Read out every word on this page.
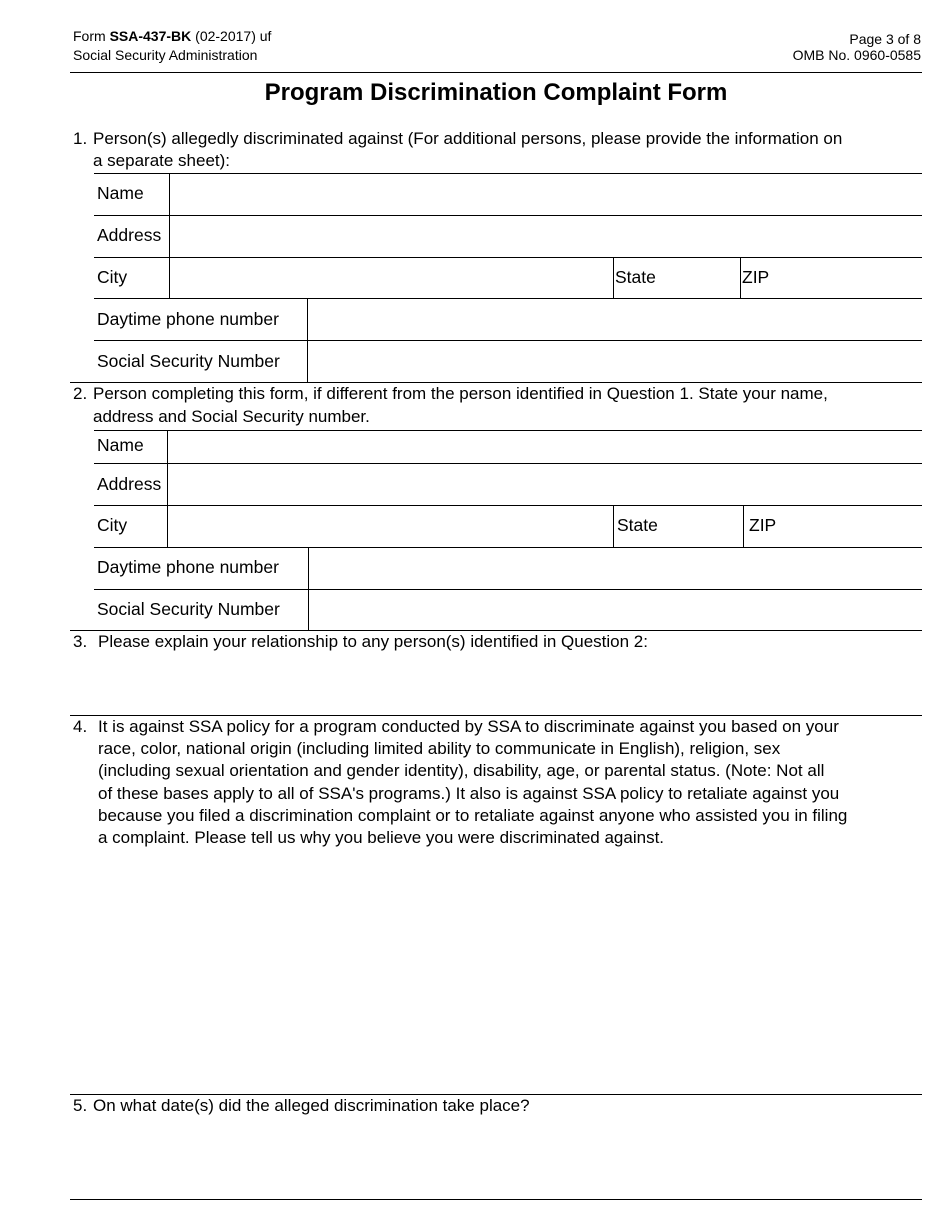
Form SSA-437-BK (02-2017) uf
Social Security Administration
Page 3 of 8
OMB No. 0960-0585
Program Discrimination Complaint Form
1. Person(s) allegedly discriminated against (For additional persons, please provide the information on
a separate sheet):
Name
Address
City	State	ZIP
Daytime phone number
Social Security Number
2. Person completing this form, if different from the person identified in Question 1. State your name,
address and Social Security number.
Name
Address
City	State	ZIP
Daytime phone number
Social Security Number
3. Please explain your relationship to any person(s) identified in Question 2:
4. It is against SSA policy for a program conducted by SSA to discriminate against you based on your
race, color, national origin (including limited ability to communicate in English), religion, sex
(including sexual orientation and gender identity), disability, age, or parental status. (Note: Not all
of these bases apply to all of SSA's programs.) It also is against SSA policy to retaliate against you
because you filed a discrimination complaint or to retaliate against anyone who assisted you in filing
a complaint. Please tell us why you believe you were discriminated against.
5. On what date(s) did the alleged discrimination take place?
